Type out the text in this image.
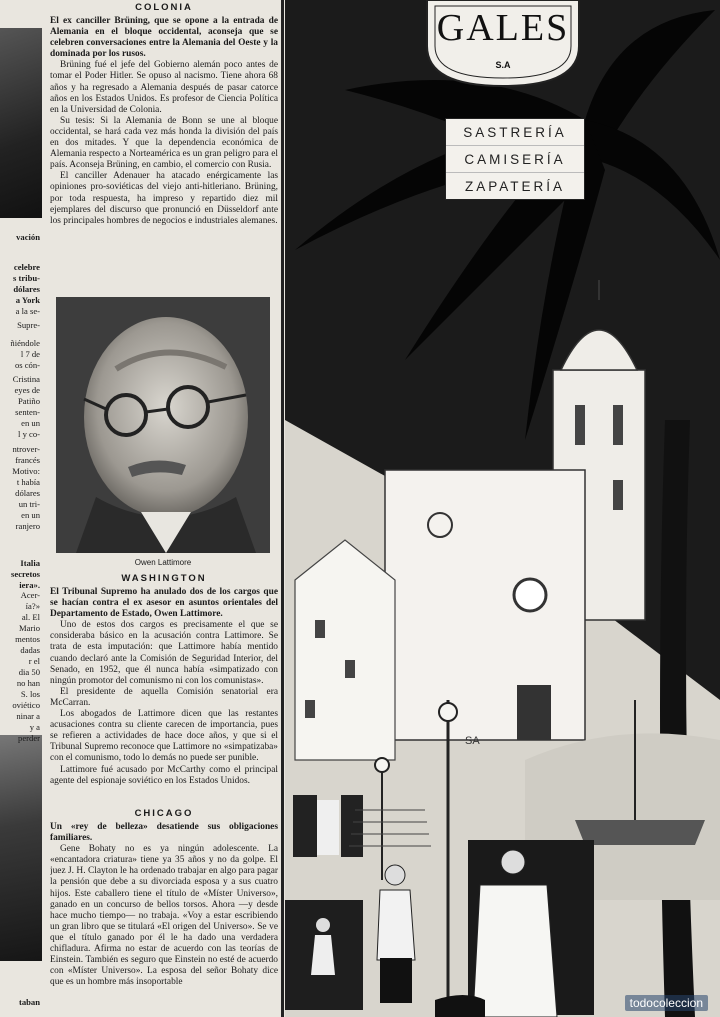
vación
celebre
s tribu-
dólares
a York
a la se-
Supre-
ñiéndole
l 7 de
os cón-
Cristina
eyes de
Patiño
senten-
en un
l y co-
ntrover-
francés
Motivo:
t había
dólares
un tri-
en un
ranjero
Italia
secretos
iera».
Acer-
ía?»
al. El
Mario
mentos
dadas
r el
dia 50
no han
S. los
oviético
ninar a
y a
perder
taban

COLONIA

El ex canciller Brüning, que se opone a la entrada de Alemania en el bloque occidental, aconseja que se celebren conversaciones entre la Alemania del Oeste y la dominada por los rusos.

Brüning fué el jefe del Gobierno alemán poco antes de tomar el Poder Hitler. Se opuso al nacismo. Tiene ahora 68 años y ha regresado a Alemania después de pasar catorce años en los Estados Unidos. Es profesor de Ciencia Política en la Universidad de Colonia.

Su tesis: Si la Alemania de Bonn se une al bloque occidental, se hará cada vez más honda la división del país en dos mitades. Y que la dependencia económica de Alemania respecto a Norteamérica es un gran peligro para el país. Aconseja Brüning, en cambio, el comercio con Rusia.

El canciller Adenauer ha atacado enérgicamente las opiniones pro-soviéticas del viejo anti-hitleriano. Brüning, por toda respuesta, ha impreso y repartido diez mil ejemplares del discurso que pronunció en Düsseldorf ante los principales hombres de negocios e industriales alemanes.

Owen Lattimore

WASHINGTON

El Tribunal Supremo ha anulado dos de los cargos que se hacían contra el ex asesor en asuntos orientales del Departamento de Estado, Owen Lattimore.

Uno de estos dos cargos es precisamente el que se consideraba básico en la acusación contra Lattimore. Se trata de esta imputación: que Lattimore había mentido cuando declaró ante la Comisión de Seguridad Interior, del Senado, en 1952, que él nunca había «simpatizado con ningún promotor del comunismo ni con los comunistas».

El presidente de aquella Comisión senatorial era McCarran.

Los abogados de Lattimore dicen que las restantes acusaciones contra su cliente carecen de importancia, pues se refieren a actividades de hace doce años, y que si el Tribunal Supremo reconoce que Lattimore no «simpatizaba» con el comunismo, todo lo demás no puede ser punible.

Lattimore fué acusado por McCarthy como el principal agente del espionaje soviético en los Estados Unidos.

CHICAGO

Un «rey de belleza» desatiende sus obligaciones familiares.

Gene Bohaty no es ya ningún adolescente. La «encantadora criatura» tiene ya 35 años y no da golpe. El juez J. H. Clayton le ha ordenado trabajar en algo para pagar la pensión que debe a su divorciada esposa y a sus cuatro hijos. Este caballero tiene el título de «Míster Universo», ganado en un concurso de bellos torsos. Ahora —y desde hace mucho tiempo— no trabaja. «Voy a estar escribiendo un gran libro que se titulará «El origen del Universo». Se ve que el título ganado por él le ha dado una verdadera chifladura. Afirma no estar de acuerdo con las teorías de Einstein. También es seguro que Einstein no esté de acuerdo con «Míster Universo». La esposa del señor Bohaty dice que es un hombre más insoportable

GALES
S.A
SASTRERÍA
CAMISERÍA
ZAPATERÍA
SA
todocoleccion
